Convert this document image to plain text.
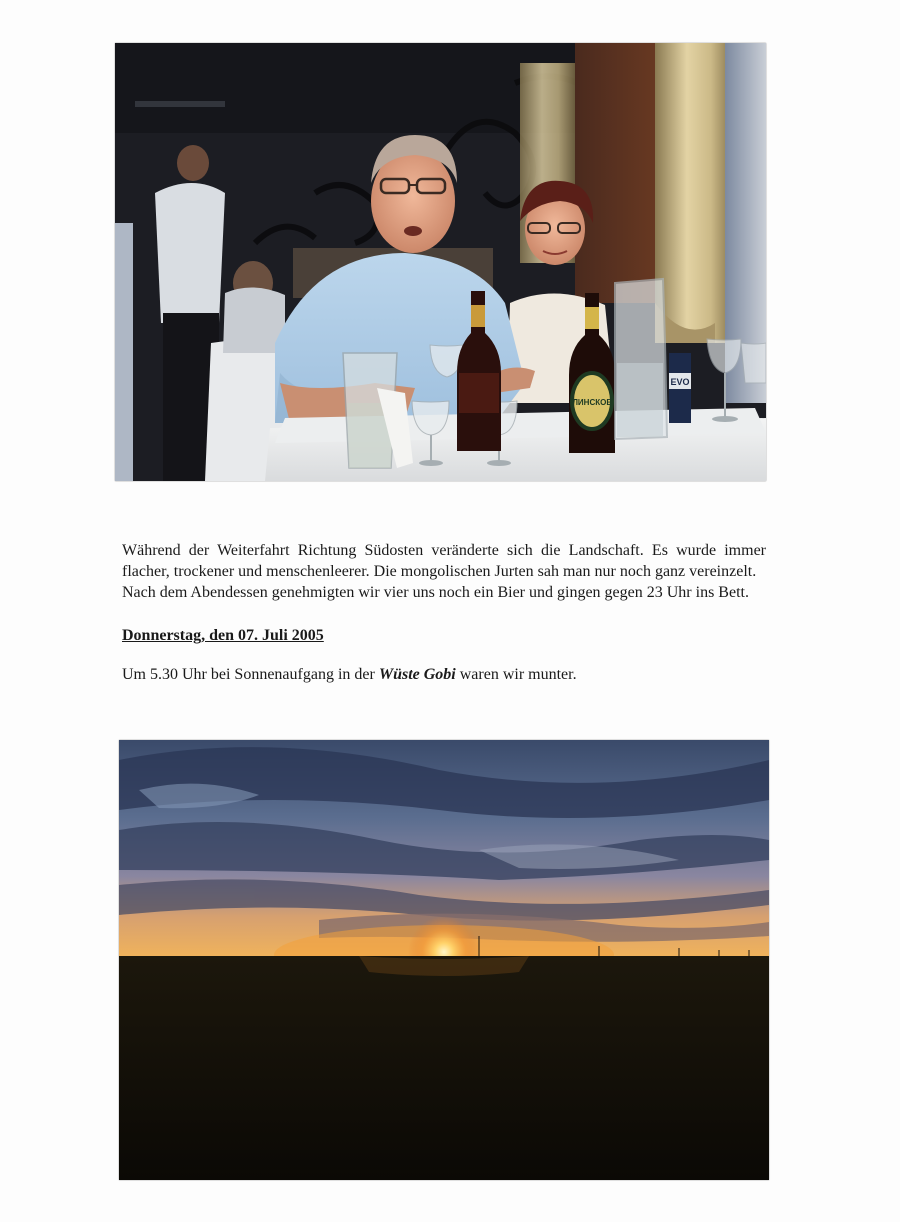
ЛИНСКОЕ
EVO

Während der Weiterfahrt Richtung Südosten veränderte sich die Landschaft. Es wurde immer flacher, trockener und menschenleerer. Die mongolischen Jurten sah man nur noch ganz vereinzelt.

Nach dem Abendessen genehmigten wir vier uns noch ein Bier und gingen gegen 23 Uhr ins Bett.

Donnerstag, den 07. Juli 2005

Um 5.30 Uhr bei Sonnenaufgang in der Wüste Gobi waren wir munter.
